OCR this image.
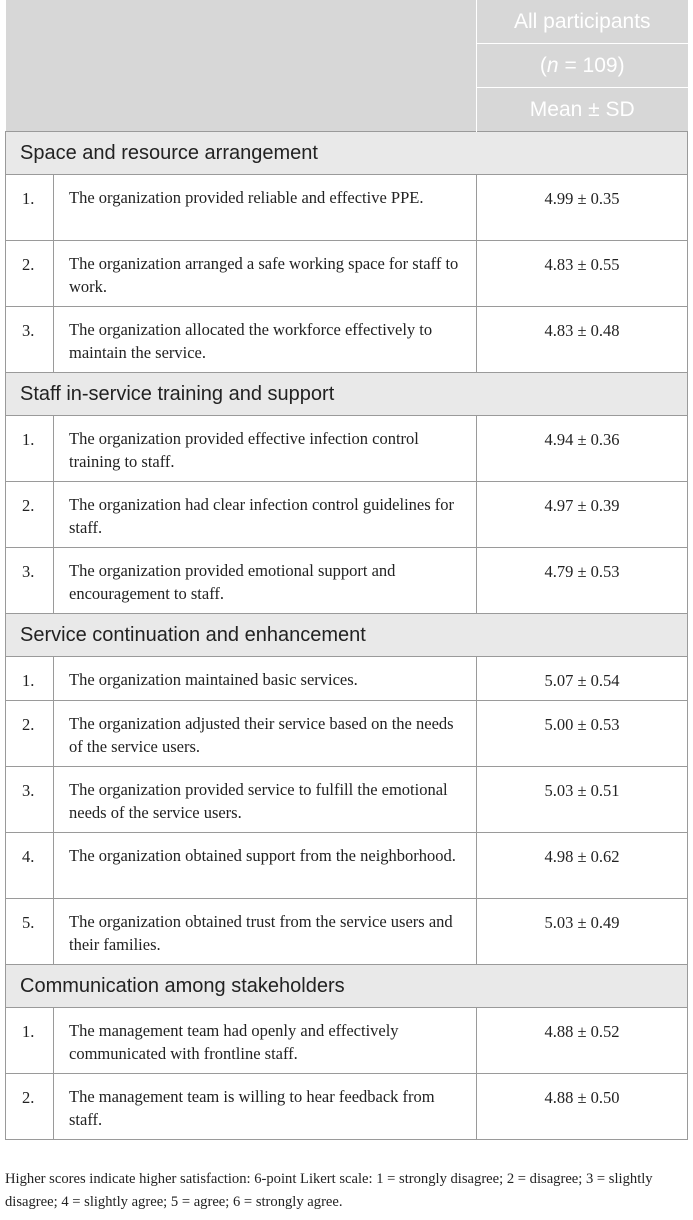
		All participants
		(n = 109)
		Mean ± SD
Space and resource arrangement		
1.	The organization provided reliable and effective PPE.	4.99 ± 0.35
2.	The organization arranged a safe working space for staff to work.	4.83 ± 0.55
3.	The organization allocated the workforce effectively to maintain the service.	4.83 ± 0.48
Staff in-service training and support		
1.	The organization provided effective infection control training to staff.	4.94 ± 0.36
2.	The organization had clear infection control guidelines for staff.	4.97 ± 0.39
3.	The organization provided emotional support and encouragement to staff.	4.79 ± 0.53
Service continuation and enhancement		
1.	The organization maintained basic services.	5.07 ± 0.54
2.	The organization adjusted their service based on the needs of the service users.	5.00 ± 0.53
3.	The organization provided service to fulfill the emotional needs of the service users.	5.03 ± 0.51
4.	The organization obtained support from the neighborhood.	4.98 ± 0.62
5.	The organization obtained trust from the service users and their families.	5.03 ± 0.49
Communication among stakeholders		
1.	The management team had openly and effectively communicated with frontline staff.	4.88 ± 0.52
2.	The management team is willing to hear feedback from staff.	4.88 ± 0.50
Higher scores indicate higher satisfaction: 6-point Likert scale: 1 = strongly disagree; 2 = disagree; 3 = slightly disagree; 4 = slightly agree; 5 = agree; 6 = strongly agree.
